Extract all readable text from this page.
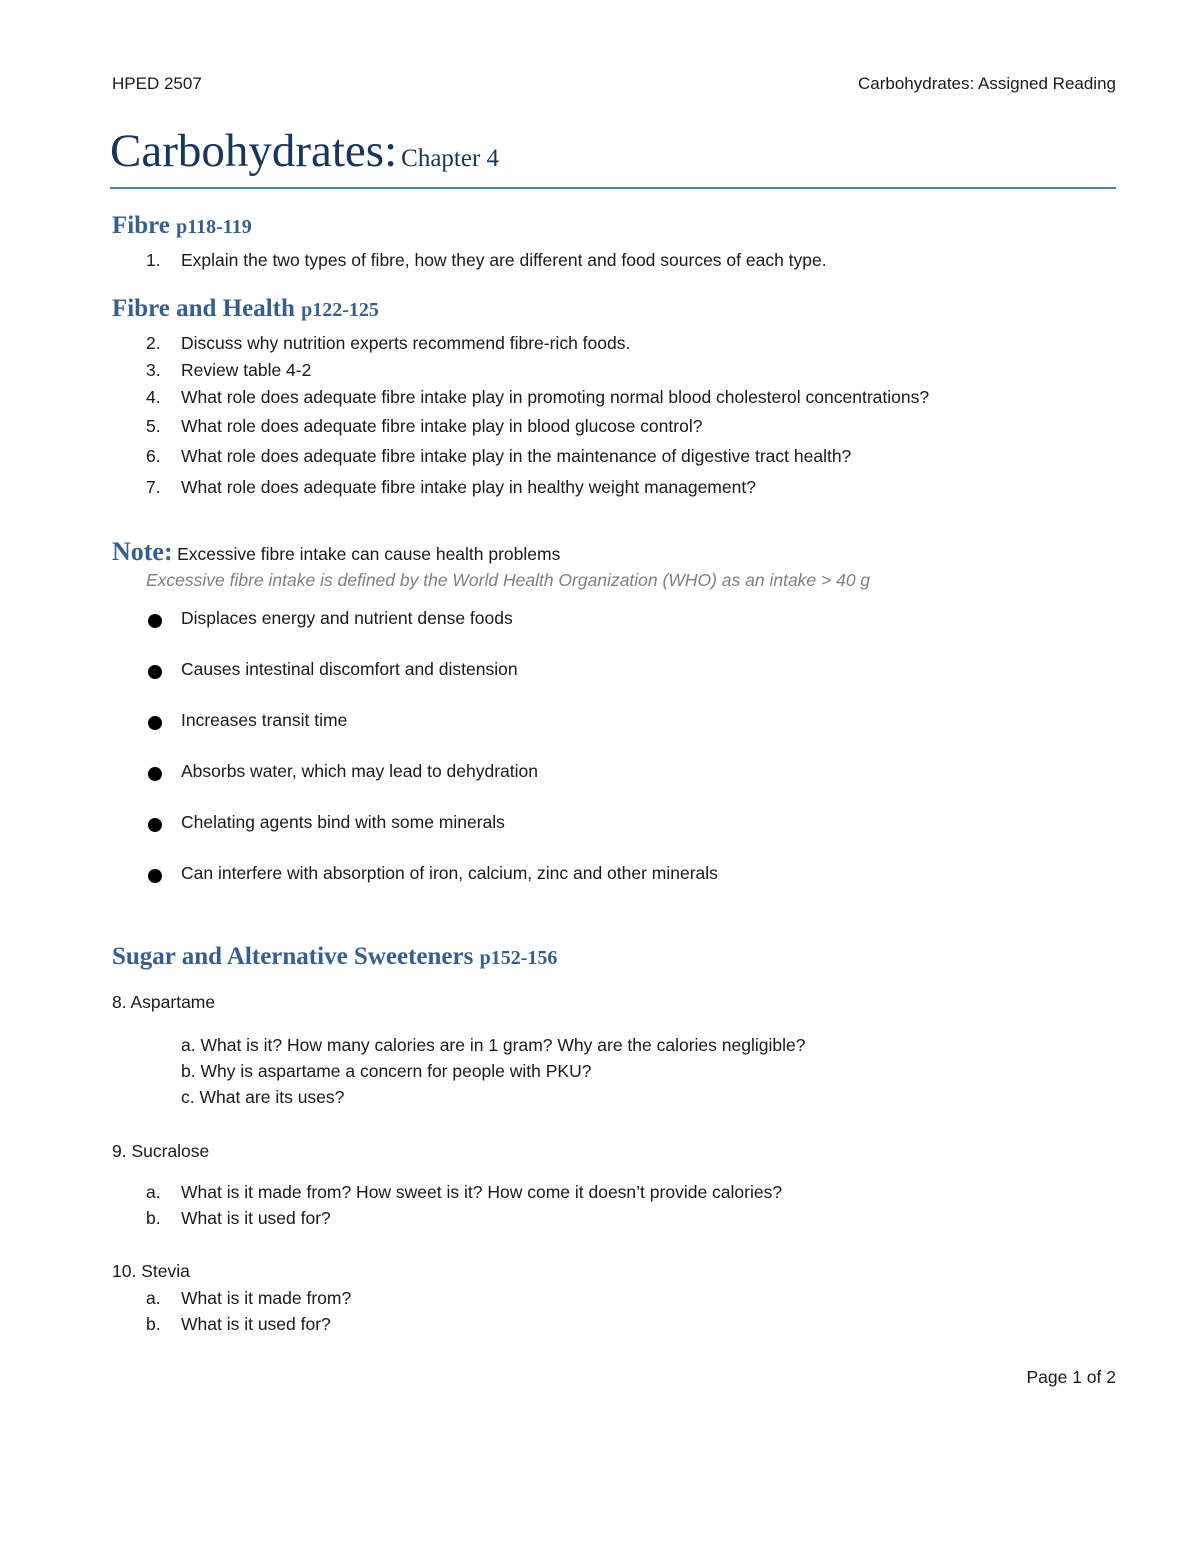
HPED 2507	Carbohydrates: Assigned Reading
Carbohydrates: Chapter 4
Fibre p118-119
1. Explain the two types of fibre, how they are different and food sources of each type.
Fibre and Health p122-125
2. Discuss why nutrition experts recommend fibre-rich foods.
3. Review table 4-2
4. What role does adequate fibre intake play in promoting normal blood cholesterol concentrations?
5. What role does adequate fibre intake play in blood glucose control?
6. What role does adequate fibre intake play in the maintenance of digestive tract health?
7. What role does adequate fibre intake play in healthy weight management?
Note: Excessive fibre intake can cause health problems
Excessive fibre intake is defined by the World Health Organization (WHO) as an intake > 40 g
Displaces energy and nutrient dense foods
Causes intestinal discomfort and distension
Increases transit time
Absorbs water, which may lead to dehydration
Chelating agents bind with some minerals
Can interfere with absorption of iron, calcium, zinc and other minerals
Sugar and Alternative Sweeteners p152-156
8. Aspartame
a. What is it? How many calories are in 1 gram? Why are the calories negligible?
b. Why is aspartame a concern for people with PKU?
c. What are its uses?
9. Sucralose
a. What is it made from? How sweet is it? How come it doesn’t provide calories?
b. What is it used for?
10. Stevia
a. What is it made from?
b. What is it used for?
Page 1 of 2
